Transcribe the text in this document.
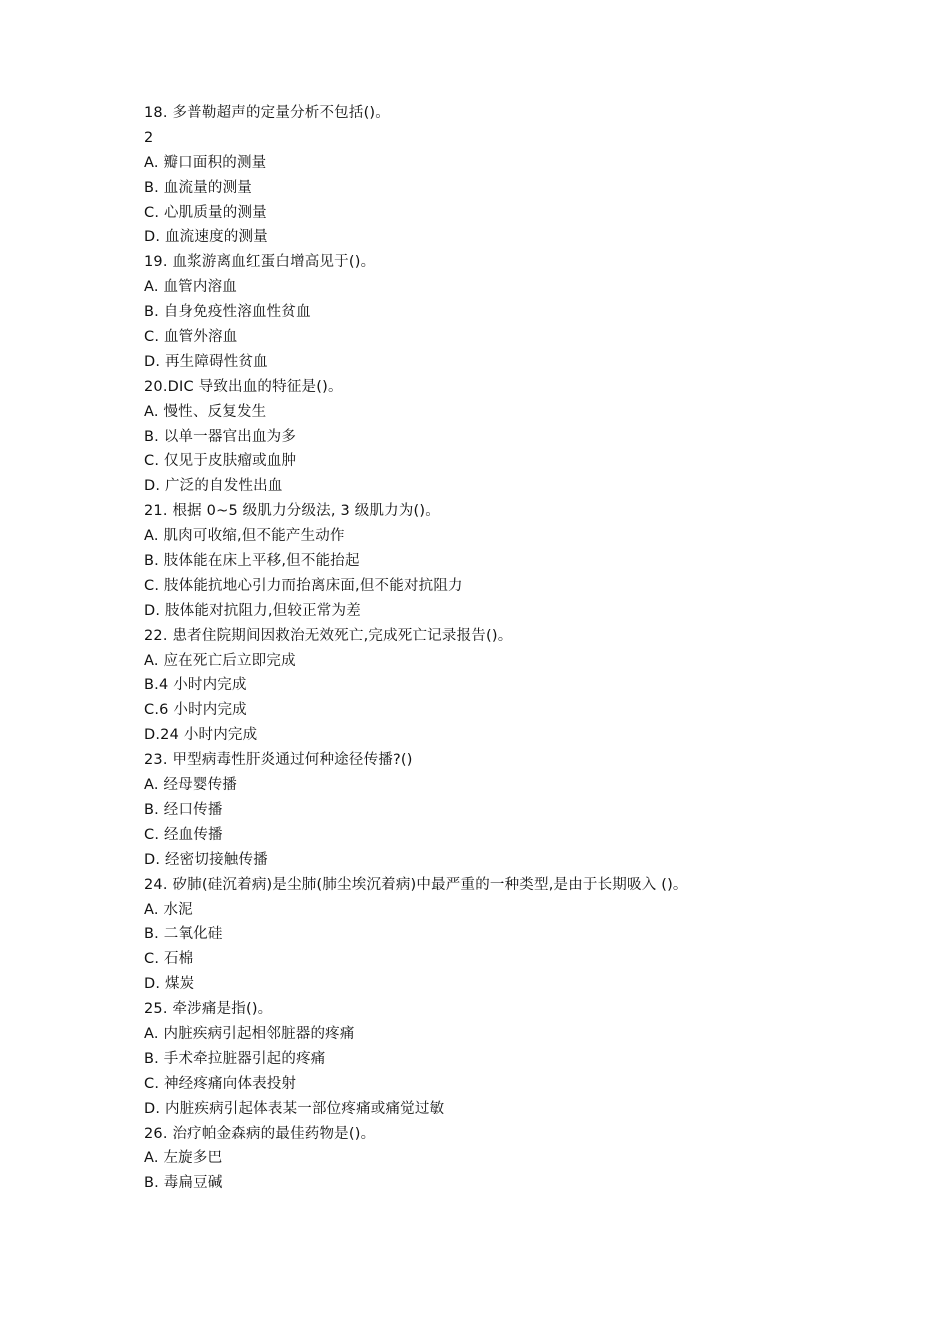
18. 多普勒超声的定量分析不包括()。
2
A. 瓣口面积的测量
B. 血流量的测量
C. 心肌质量的测量
D. 血流速度的测量
19. 血浆游离血红蛋白增高见于()。
A. 血管内溶血
B. 自身免疫性溶血性贫血
C. 血管外溶血
D. 再生障碍性贫血
20.DIC 导致出血的特征是()。
A. 慢性、反复发生
B. 以单一器官出血为多
C. 仅见于皮肤瘤或血肿
D. 广泛的自发性出血
21. 根据 0~5 级肌力分级法, 3 级肌力为()。
A. 肌肉可收缩,但不能产生动作
B. 肢体能在床上平移,但不能抬起
C. 肢体能抗地心引力而抬离床面,但不能对抗阻力
D. 肢体能对抗阻力,但较正常为差
22. 患者住院期间因救治无效死亡,完成死亡记录报告()。
A. 应在死亡后立即完成
B.4 小时内完成
C.6 小时内完成
D.24 小时内完成
23. 甲型病毒性肝炎通过何种途径传播?()
A. 经母婴传播
B. 经口传播
C. 经血传播
D. 经密切接触传播
24. 矽肺(硅沉着病)是尘肺(肺尘埃沉着病)中最严重的一种类型,是由于长期吸入 ()。
A. 水泥
B. 二氧化硅
C. 石棉
D. 煤炭
25. 牵涉痛是指()。
A. 内脏疾病引起相邻脏器的疼痛
B. 手术牵拉脏器引起的疼痛
C. 神经疼痛向体表投射
D. 内脏疾病引起体表某一部位疼痛或痛觉过敏
26. 治疗帕金森病的最佳药物是()。
A. 左旋多巴
B. 毒扁豆碱
